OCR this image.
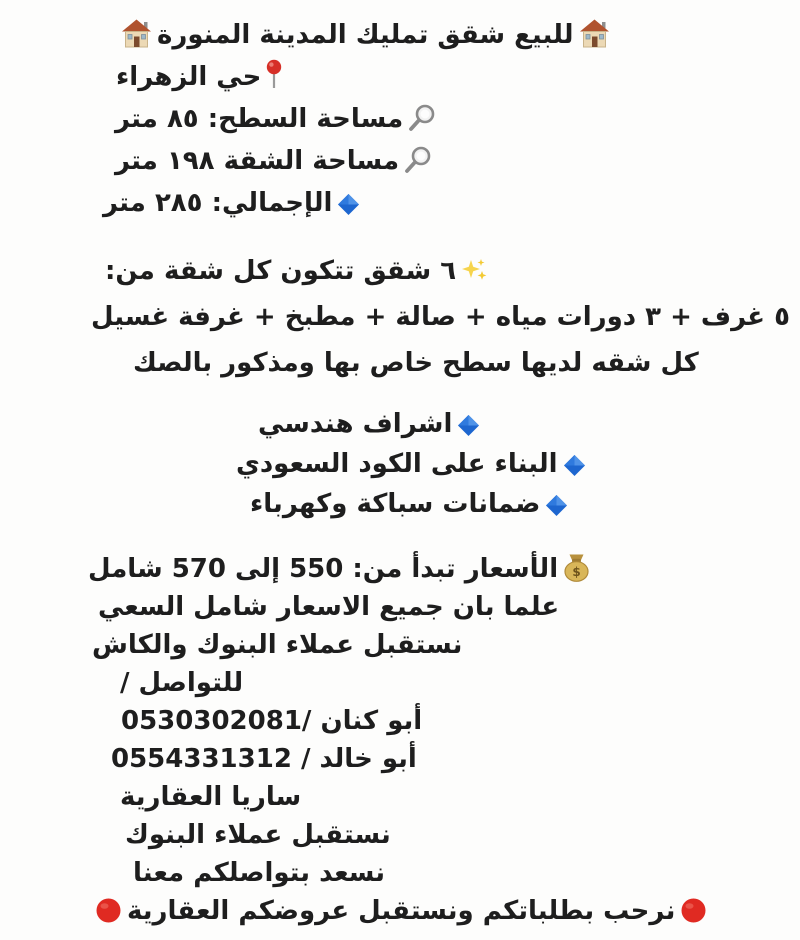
للبيع شقق تمليك المدينة المنورة
حي الزهراء
مساحة السطح: ٨٥ متر
مساحة الشقة ١٩٨ متر
الإجمالي: ٢٨٥ متر
٦ شقق تتكون كل شقة من:
٥ غرف + ٣ دورات مياه + صالة + مطبخ + غرفة غسيل
كل شقه لديها سطح خاص بها ومذكور بالصك
اشراف هندسي
البناء على الكود السعودي
ضمانات سباكة وكهرباء
$
الأسعار تبدأ من: 550 إلى 570 شامل
علما بان جميع الاسعار شامل السعي
نستقبل عملاء البنوك والكاش
للتواصل /
أبو كنان /0530302081
أبو خالد / 0554331312
ساريا العقارية
نستقبل عملاء البنوك
نسعد بتواصلكم معنا
نرحب بطلباتكم ونستقبل عروضكم العقارية
